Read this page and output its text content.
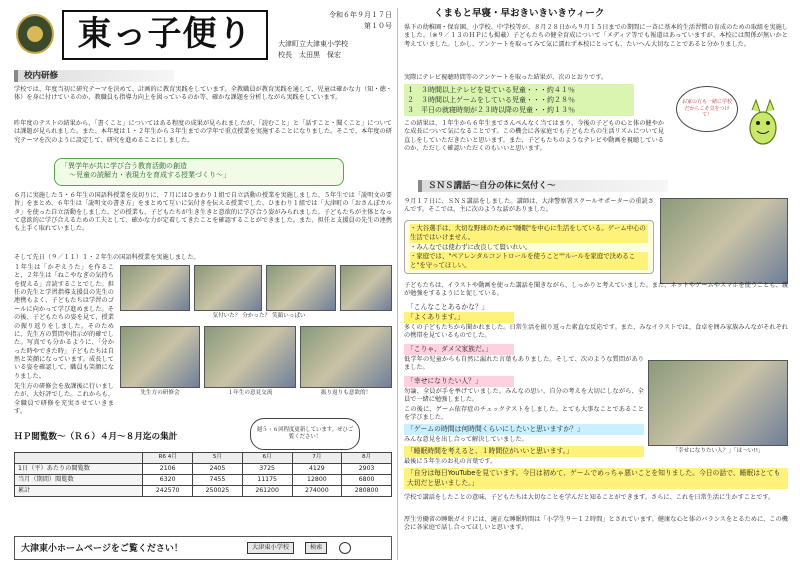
東っ子便り	令和６年９月１７日
第１０号
大津町立大津東小学校
校長　太田黒　保宏
校内研修
学校では、年度当初に研究テーマを決めて、計画的に教育実践をしています。全教職員が教育実践を通して、児童は確かな力（知・徳・体）を身に付けているのか、教職員も指導力向上を図っているのか等、確かな課題を分析しながら実践をしています。
昨年度のテストの結果から、「書くこと」についてはある程度の成果が見られましたが、「読むこと」と「話すこと・聞くこと」については課題が見られました。また、本年度は１・２年生から３年生までの学年で重点授業を実施することになりました。そこで、本年度の研究テーマを次のように設定して、研究を進めることにしました。
「異学年が共に学び合う教育活動の創造
〜児童の読解力・表現力を育成する授業づくり〜」
６月に実施した５・６年生の国語科授業を皮切りに、７月にはひまわり１組で自立活動の授業を実施しました。５年生では「説明文の要旨」をまとめ、６年生は「説明文の書き方」をまとめて互いに気付きを伝える授業でした。ひまわり１組では「大津町の「おさんぽカルタ」を使った自立活動をしました。どの授業も、子どもたちが生き生きと意欲的に学び合う姿がみられました。子どもたちが主体となって意欲的に学び合えるための工夫として、確かな力が定着してきたことを確認することができました。また、担任と支援員の先生の連携も上手く取れていました。
そして先日（９／１１）１・２年生の国語科授業を実施しました。
１年生は「かぞえうた」を作ること、２年生は「ねこやなぎの気持ちを捉える」音読することでした。担任の先生と学習指導支援員の先生の連携もよく、子どもたちは学習のゴールに向かって学び進めました。その後、子どもたちの姿を見て、授業の振り返りをしました。そのために、先生方の質問や指示が的確でした。写真でも分かるように、「分かった時やできた時」子どもたちは自然と笑顔になっています。成長している姿を確認して、職員も笑顔になりました。
先生方の研修会を放課後に行いましたが、大好評でした。これからも、全職員で研修を充実させていきます。
気付いた？ 分かった？ 笑顔いっぱい
先生方の研修会	１年生の意見交流	振り返りも意欲的！
ＨＰ閲覧数〜（Ｒ６）４月〜８月迄の集計
週５・６回程度更新しています。ぜひご覧ください！
	R6 4月	5月	6月	7月	8月
1日（平）あたりの閲覧数	2106	2405	3725	4129	2903
当月（期間）閲覧数	6320	7455	11175	12800	6800
累計	242570	250025	261200	274000	280800
大津東小ホームページをご覧ください！	大津東小学校	検索
くまもと早寝・早おきいきいきウィーク
県下の幼稚園・保育園、小学校、中学校等が、８月２８日から９月１５日までの期間に一斉に基本的生活習慣の育成のための取組を実施しました。（※９／１３のＨＰにも掲載）子どもたちの健全育成について「メディア等でも報道はあっていますが、本校には関係が無いかと考えていました。しかし、アンケートを取ってみて気に濡れず本校にとっても、たいへん大切なことであると分かりました。
実際にテレビ視聴時間等のアンケートを取った結果が、次のとおりです。
１　３時間以上テレビを見ている児童・・・約４１％
２　３時間以上ゲームをしている児童・・・約２８％
３　平日の就寝時刻が２３時以降の児童・・約１３％
この結果は、１年生から６年生までさんぺんなく当てはまり、今後の子どもの心と体の健やかな成長について気になることです。この機会に各家庭でも子どもたちの生活リズムについて見直しをしていただきたいと思います。また、子どもたちのようなテレビや動画を視聴しているのか、ただしく確認いただくのもいいと思います。
お家の方も一緒に学校だからこそ気をつけて！
ＳＮＳ講話〜自分の体に気付く〜
９月１７日に、ＳＮＳ講話をしました。講師は、大津警察署スクールサポーターの重読さんです。そこでは、主に次のような話がありました。
・大谷選手は、大切な野球のために"睡眠"を中心に生活をしている。ゲーム中心の生活ではいけません。
・みんなでは使わずに改良して賢いれい。
・家庭では、"ペアレンタルコントロールを使うこと""ルールを家庭で決めること"を守ってほしい。
子どもたちは、イラストや動画を使った講話を聞きながら、しっかりと考えていました。また、ネットやゲームやスマホを使うことも、親が勉強をするようにと促している。
「こんなことあるかな？」
「よくあります。」
多くの子どもたちから聞かれました。日常生活を振り返った素直な反応です。また、みなイラストでは、食卓を囲み家族みんながそれぞれの携帯を見ているものでした。
「こりゃ、ダメ父家族だ。」
低学年の児童からも自然に漏れた言葉もありました。そして、次のような質問がありました。
「幸せになりたい人？」
勿論、全員が手を挙げていました。みんなの思い、自分の考えを大切にしながら、全員で一緒に勉強しました。
この後に、ゲーム依存症のチェックテストをしました。とても大事なことであることを学びました。
「ゲームの時間は何時間くらいにしたいと思いますか？」
みんな意見を出し合って解決していました。
「睡眠時間を考えると、１時間位がいいと思います。」
最後に５年生のお礼の言葉です。
「幸せになりたい人？」「は〜い!!」
「自分は毎日YouTubeを見ています。今日は初めて、ゲームでめっちゃ悪いことを知りました。今日の話で、睡眠はとても大切だと思いました。」
学校で講話をしたことの意味、子どもたちは大切なことを学んだと知ることができます。さらに、これを日常生活に生かすことです。
厚生労働省の睡眠ガイドには、適正な睡眠時間は「小学生９〜１２時間」とされています。健康な心と体のバランスをとるために、この機会に各家庭で話し合ってほしいと思います。
